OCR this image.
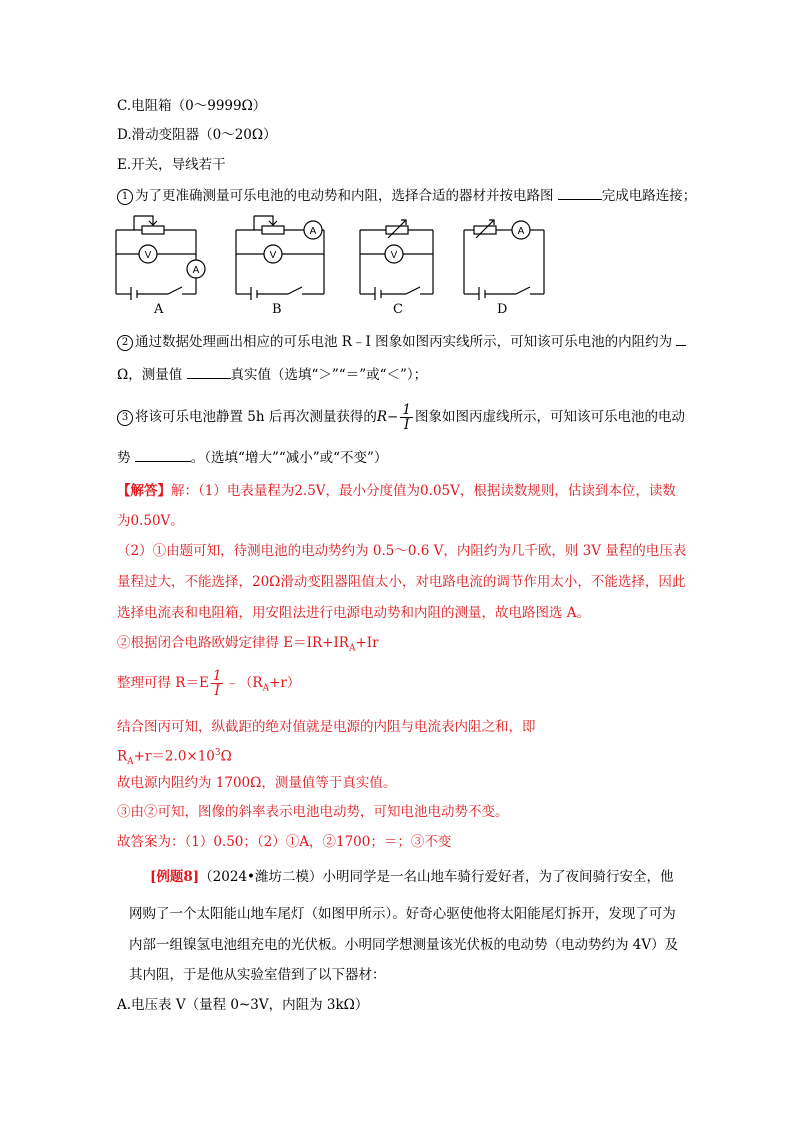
C.电阻箱（0～9999Ω）
D.滑动变阻器（0～20Ω）
E.开关，导线若干
1 为了更准确测量可乐电池的电动势和内阻，选择合适的器材并按电路图	完成电路连接；
V
A
V
A
V
A
A	B	C	D
2 通过数据处理画出相应的可乐电池 R﹣I 图象如图丙实线所示，可知该可乐电池的内阻约为
Ω，测量值	真实值（选填“＞”“＝”或“＜”）；
3 将该可乐电池静置 5h 后再次测量获得的$R- \frac{1}{I}$ 图象如图丙虚线所示，可知该可乐电池的电动
势	。（选填“增大”“减小”或“不变”）
【解答】解：（1）电表量程为2.5V，最小分度值为0.05V，根据读数规则，估读到本位，读数
为0.50V。
（2）①由题可知，待测电池的电动势约为 0.5～0.6 V，内阻约为几千欧，则 3V 量程的电压表
量程过大，不能选择，20Ω滑动变阻器阻值太小，对电路电流的调节作用太小，不能选择，因此
选择电流表和电阻箱，用安阻法进行电源电动势和内阻的测量，故电路图选 A。
②根据闭合电路欧姆定律得 $E=IR+IR_A+Ir$
整理可得 $R=E \frac{1}{I}$ $﹣(R_A+r)$
结合图丙可知，纵截距的绝对值就是电源的内阻与电流表内阻之和，即
$R_A+r=2.0\times 10^3\Omega$
故电源内阻约为 1700Ω，测量值等于真实值。
③由②可知，图像的斜率表示电池电动势，可知电池电动势不变。
故答案为：（1）0.50；（2）①A，②1700；＝；③不变
[例题8]（2024•潍坊二模）小明同学是一名山地车骑行爱好者，为了夜间骑行安全，他
网购了一个太阳能山地车尾灯（如图甲所示）。好奇心驱使他将太阳能尾灯拆开，发现了可为
内部一组镍氢电池组充电的光伏板。小明同学想测量该光伏板的电动势（电动势约为 4V）及
其内阻，于是他从实验室借到了以下器材：
A.电压表 V（量程 0~3V，内阻为 3kΩ）
